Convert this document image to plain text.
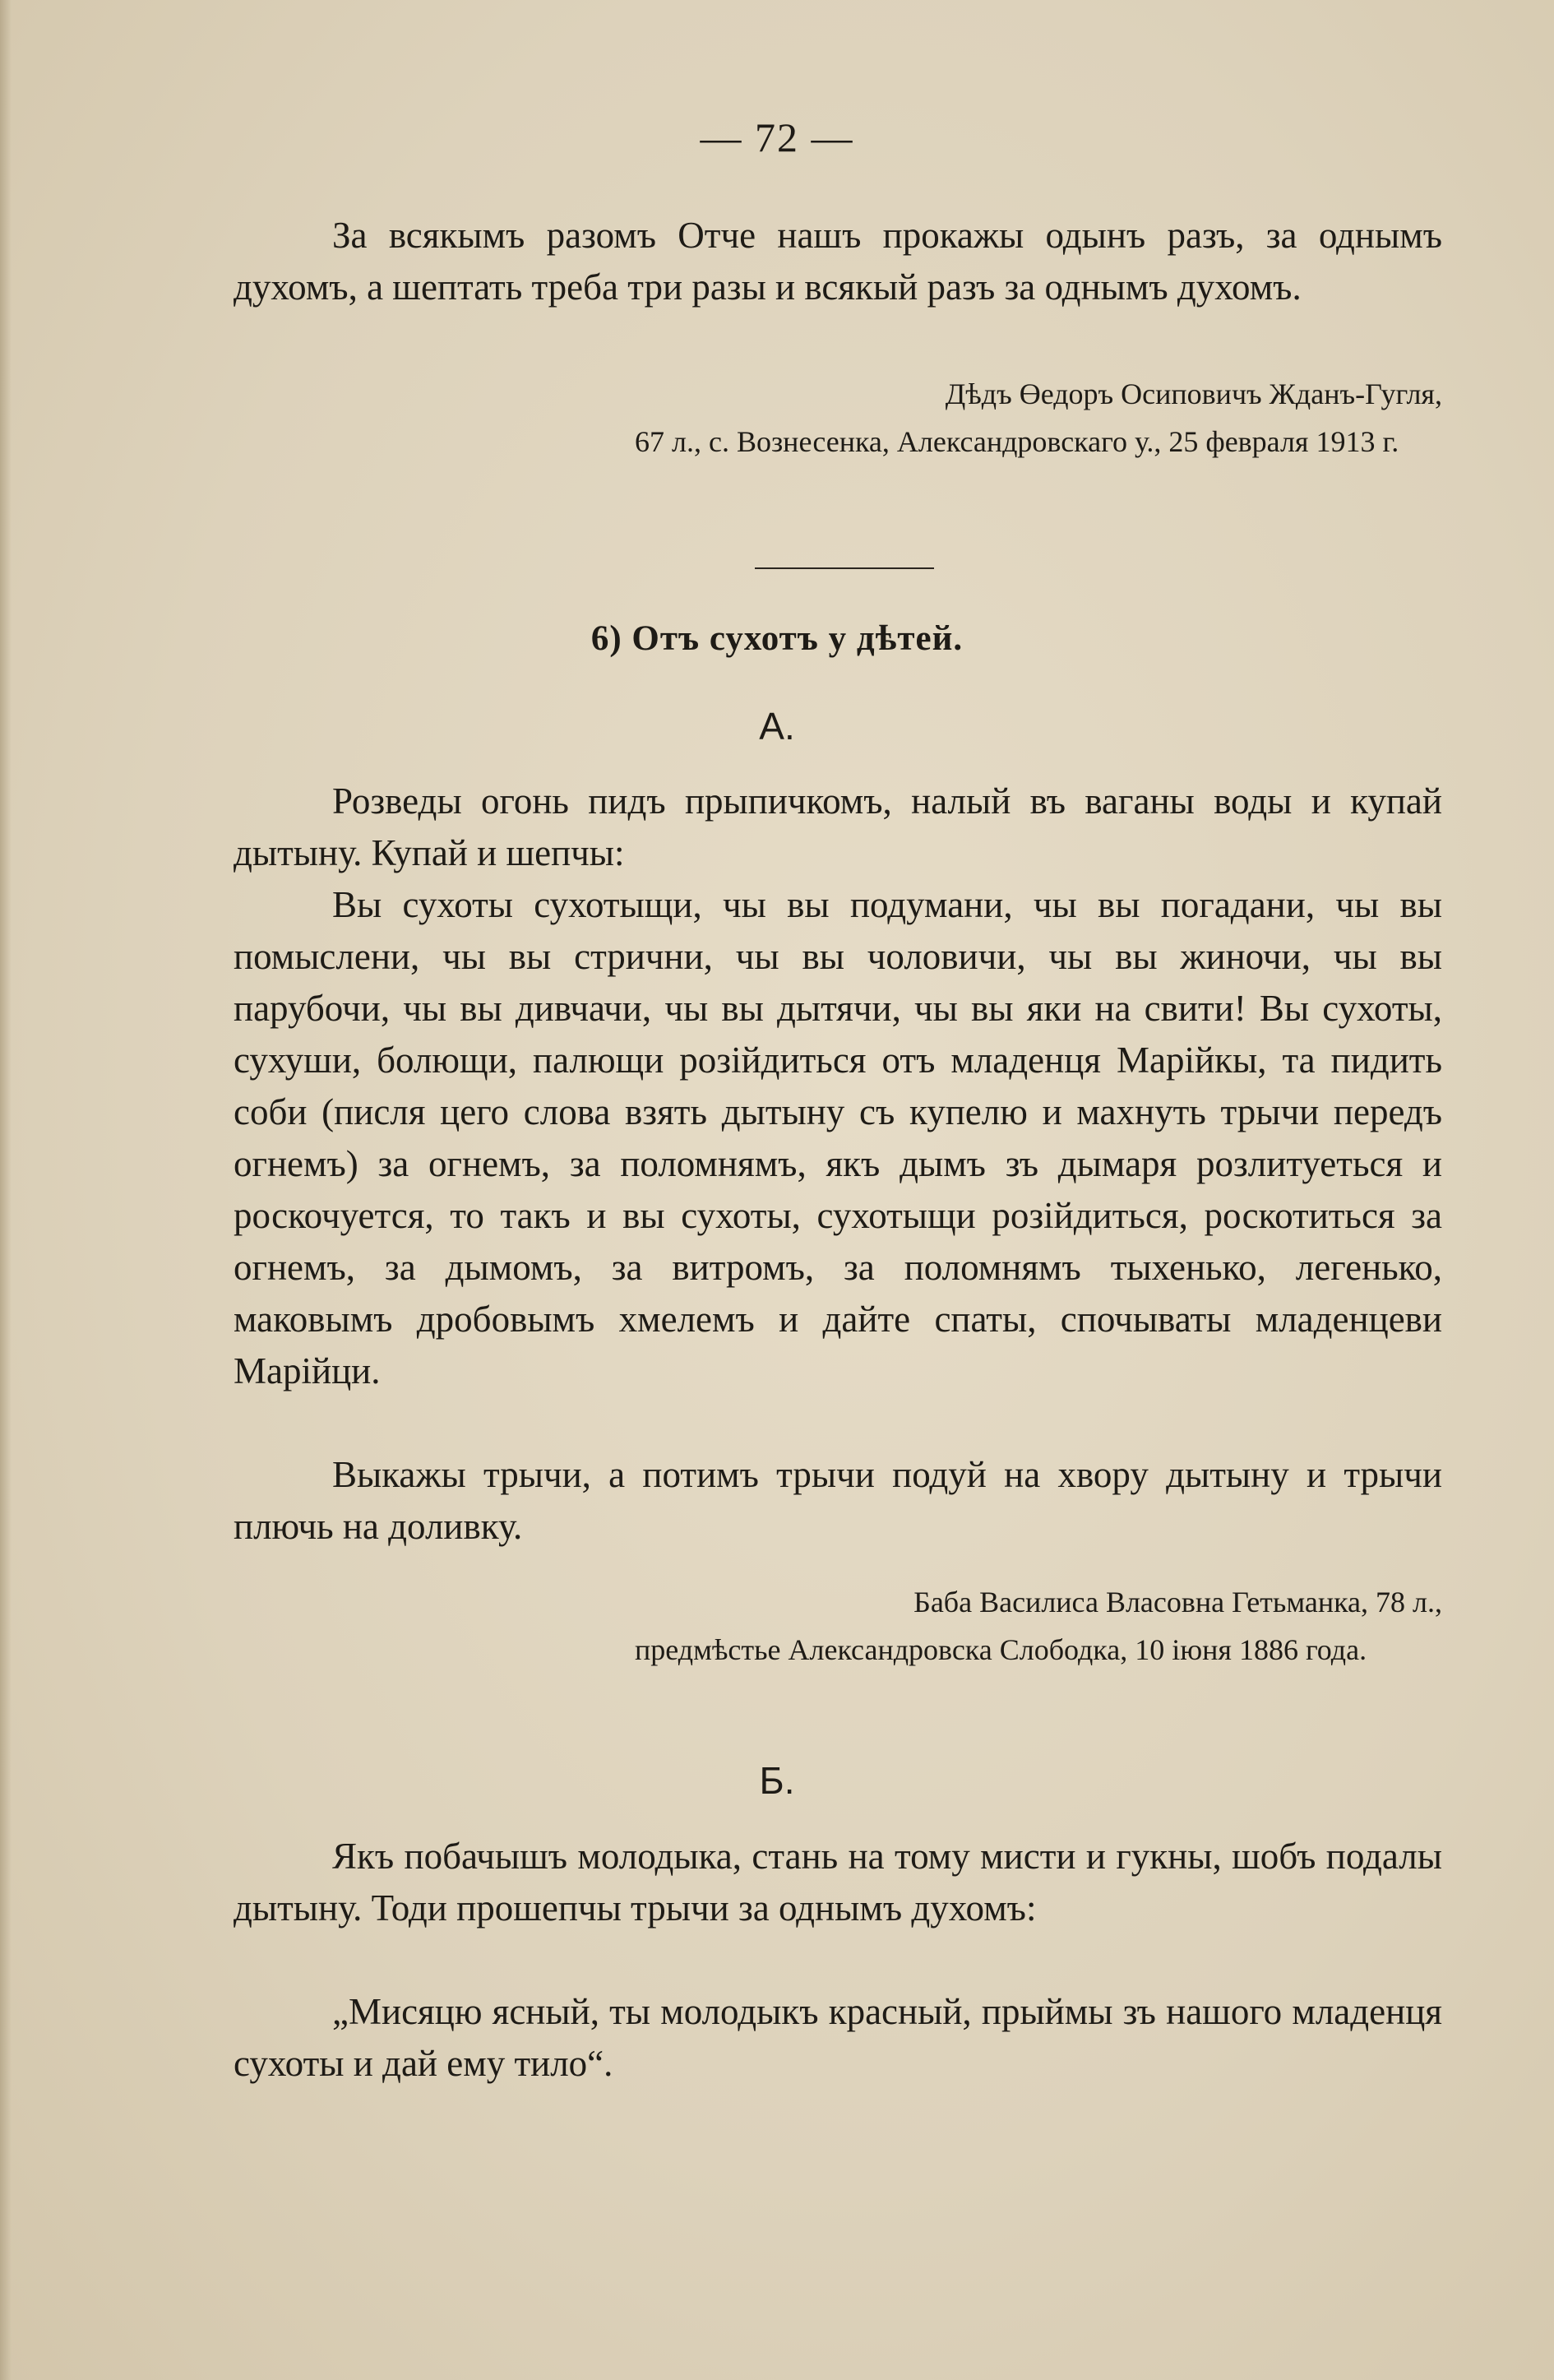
— 72 —

За всякымъ разомъ Отче нашъ прокажы одынъ разъ, за однымъ духомъ, а шептать треба три разы и всякый разъ за однымъ духомъ.

Дѣдъ Өедоръ Осиповичъ Жданъ-Гугля,
67 л., с. Вознесенка, Александровскаго у., 25 февраля 1913 г.

6) Отъ сухотъ у дѣтей.
А.

Розведы огонь пидъ прыпичкомъ, налый въ ваганы воды и купай дытыну. Купай и шепчы:

Вы сухоты сухотыщи, чы вы подумани, чы вы погадани, чы вы помыслени, чы вы стрични, чы вы чоловичи, чы вы жиночи, чы вы парубочи, чы вы дивчачи, чы вы дытячи, чы вы яки на свити! Вы сухоты, сухуши, болющи, палющи розійдиться отъ младенця Марійкы, та пидить соби (писля цего слова взять дытыну съ купелю и махнуть трычи передъ огнемъ) за огнемъ, за поломнямъ, якъ дымъ зъ дымаря розлитуеться и роскочуется, то такъ и вы сухоты, сухотыщи розійдиться, роскотиться за огнемъ, за дымомъ, за витромъ, за поломнямъ тыхенько, легенько, маковымъ дробовымъ хмелемъ и дайте спаты, спочываты младенцеви Марійци.

Выкажы трычи, а потимъ трычи подуй на хвору дытыну и трычи плючь на доливку.

Баба Василиса Власовна Гетьманка, 78 л.,
предмѣстье Александровска Слободка, 10 іюня 1886 года.

Б.

Якъ побачышъ молодыка, стань на тому мисти и гукны, шобъ подалы дытыну. Тоди прошепчы трычи за однымъ духомъ:

„Мисяцю ясный, ты молодыкъ красный, прыймы зъ нашого младенця сухоты и дай ему тило“.
